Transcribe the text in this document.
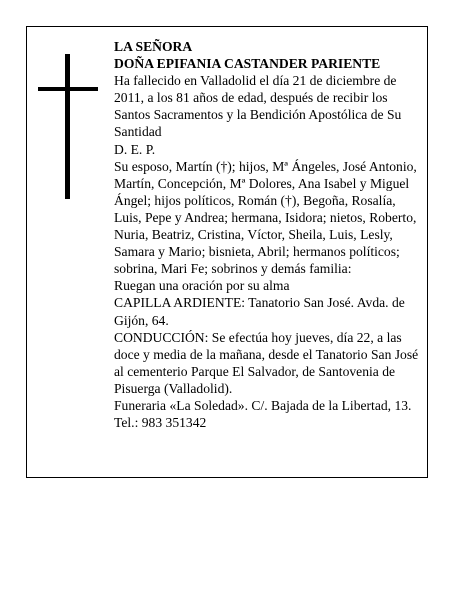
LA SEÑORA

DOÑA EPIFANIA CASTANDER PARIENTE

Ha fallecido en Valladolid el día 21 de diciembre de 2011, a los 81 años de edad, después de recibir los Santos Sacramentos y la Bendición Apostólica de Su Santidad

D. E. P.

Su esposo, Martín (†); hijos, Mª Ángeles, José Antonio, Martín, Concepción, Mª Dolores, Ana Isabel y Miguel Ángel; hijos políticos, Román (†), Begoña, Rosalía, Luis, Pepe y Andrea; hermana, Isidora; nietos, Roberto, Nuria, Beatriz, Cristina, Víctor, Sheila, Luis, Lesly, Samara y Mario; bisnieta, Abril; hermanos políticos; sobrina, Mari Fe; sobrinos y demás familia:

Ruegan una oración por su alma

CAPILLA ARDIENTE: Tanatorio San José. Avda. de Gijón, 64.

CONDUCCIÓN: Se efectúa hoy jueves, día 22, a las doce y media de la mañana, desde el Tanatorio San José al cementerio Parque El Salvador, de Santovenia de Pisuerga (Valladolid).

Funeraria «La Soledad». C/. Bajada de la Libertad, 13. Tel.: 983 351342
